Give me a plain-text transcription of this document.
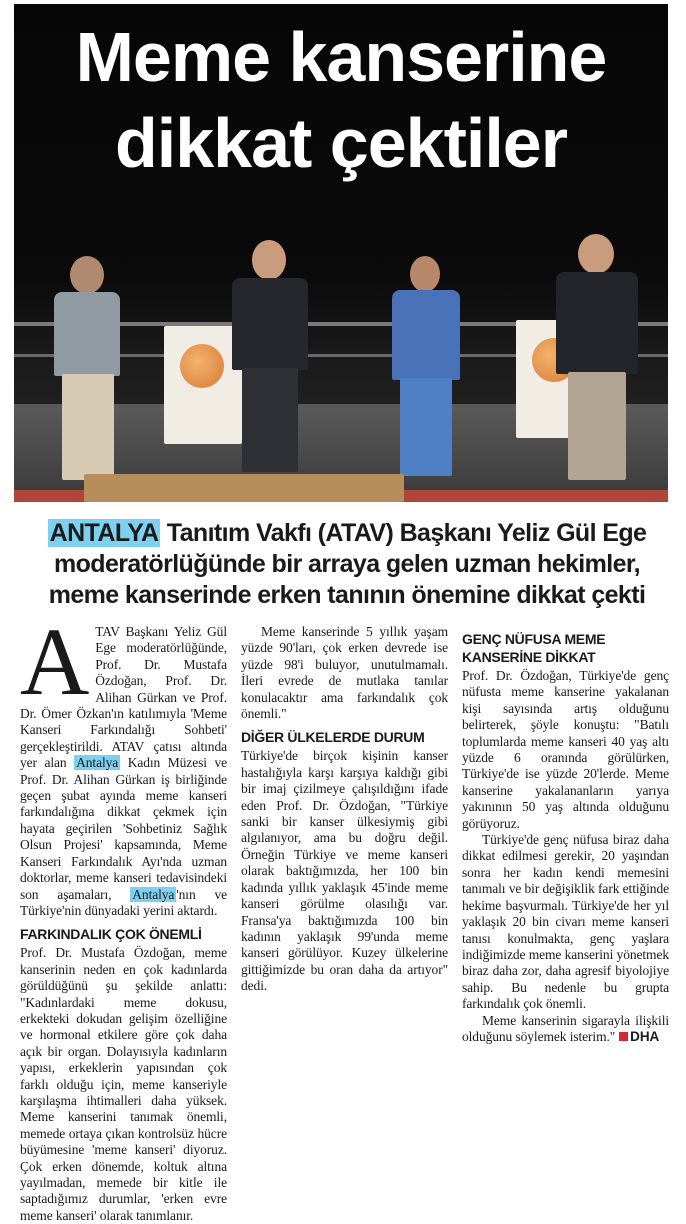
Meme kanserine
dikkat çektiler

ANTALYA Tanıtım Vakfı (ATAV) Başkanı Yeliz Gül Ege moderatörlüğünde bir arraya gelen uzman hekimler, meme kanserinde erken tanının önemine dikkat çekti

ATAV Başkanı Yeliz Gül Ege moderatörlüğünde, Prof. Dr. Mustafa Özdoğan, Prof. Dr. Alihan Gürkan ve Prof. Dr. Ömer Özkan'ın katılımıyla 'Meme Kanseri Farkındalığı Sohbeti' gerçekleştirildi. ATAV çatısı altında yer alan Antalya Kadın Müzesi ve Prof. Dr. Alihan Gürkan iş birliğinde geçen şubat ayında meme kanseri farkındalığına dikkat çekmek için hayata geçirilen 'Sohbetiniz Sağlık Olsun Projesi' kapsamında, Meme Kanseri Farkındalık Ayı'nda uzman doktorlar, meme kanseri tedavisindeki son aşamaları, Antalya 'nın ve Türkiye'nin dünyadaki yerini aktardı.

FARKINDALIK ÇOK ÖNEMLİ

Prof. Dr. Mustafa Özdoğan, meme kanserinin neden en çok kadınlarda görüldüğünü şu şekilde anlattı: "Kadınlardaki meme dokusu, erkekteki dokudan gelişim özelliğine ve hormonal etkilere göre çok daha açık bir organ. Dolayısıyla kadınların yapısı, erkeklerin yapısından çok farklı olduğu için, meme kanseriyle karşılaşma ihtimalleri daha yüksek. Meme kanserini tanımak önemli, memede ortaya çıkan kontrolsüz hücre büyümesine 'meme kanseri' diyoruz. Çok erken dönemde, koltuk altına yayılmadan, memede bir kitle ile saptadığımız durumlar, 'erken evre meme kanseri' olarak tanımlanır.

Meme kanserinde 5 yıllık yaşam yüzde 90'ları, çok erken devrede ise yüzde 98'i buluyor, unutulmamalı. İleri evrede de mutlaka tanılar konulacaktır ama farkındalık çok önemli."

DİĞER ÜLKELERDE DURUM

Türkiye'de birçok kişinin kanser hastalığıyla karşı karşıya kaldığı gibi bir imaj çizilmeye çalışıldığını ifade eden Prof. Dr. Özdoğan, "Türkiye sanki bir kanser ülkesiymiş gibi algılanıyor, ama bu doğru değil. Örneğin Türkiye ve meme kanseri olarak baktığımızda, her 100 bin kadında yıllık yaklaşık 45'inde meme kanseri görülme olasılığı var. Fransa'ya baktığımızda 100 bin kadının yaklaşık 99'unda meme kanseri görülüyor. Kuzey ülkelerine gittiğimizde bu oran daha da artıyor" dedi.

GENÇ NÜFUSA MEME KANSERİNE DİKKAT

Prof. Dr. Özdoğan, Türkiye'de genç nüfusta meme kanserine yakalanan kişi sayısında artış olduğunu belirterek, şöyle konuştu: "Batılı toplumlarda meme kanseri 40 yaş altı yüzde 6 oranında görülürken, Türkiye'de ise yüzde 20'lerde. Meme kanserine yakalananların yarıya yakınının 50 yaş altında olduğunu görüyoruz.

Türkiye'de genç nüfusa biraz daha dikkat edilmesi gerekir, 20 yaşından sonra her kadın kendi memesini tanımalı ve bir değişiklik fark ettiğinde hekime başvurmalı. Türkiye'de her yıl yaklaşık 20 bin civarı meme kanseri tanısı konulmakta, genç yaşlara indiğimizde meme kanserini yönetmek biraz daha zor, daha agresif biyolojiye sahip. Bu nedenle bu grupta farkındalık çok önemli.

Meme kanserinin sigarayla ilişkili olduğunu söylemek isterim." DHA
